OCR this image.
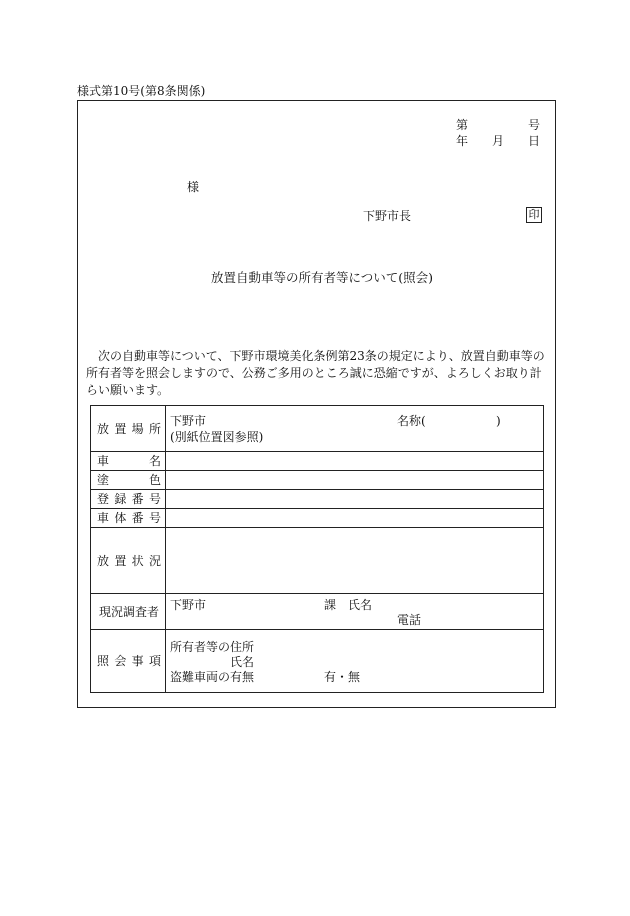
様式第10号(第8条関係)
第	号
年 月 日
様
下野市長	印
放置自動車等の所有者等について(照会)
次の自動車等について、下野市環境美化条例第23条の規定により、放置自動車等の所有者等を照会しますので、公務ご多用のところ誠に恐縮ですが、よろしくお取り計らい願います。
放 置 場 所	下野市 名称( )
(別紙位置図参照)

車 名	

塗 色	

登 録 番 号	

車 体 番 号	

放 置 状 況	

現況調査者	下野市 課 氏名
電話

照 会 事 項	所有者等の住所
氏名
盗難車両の有無 有・無
